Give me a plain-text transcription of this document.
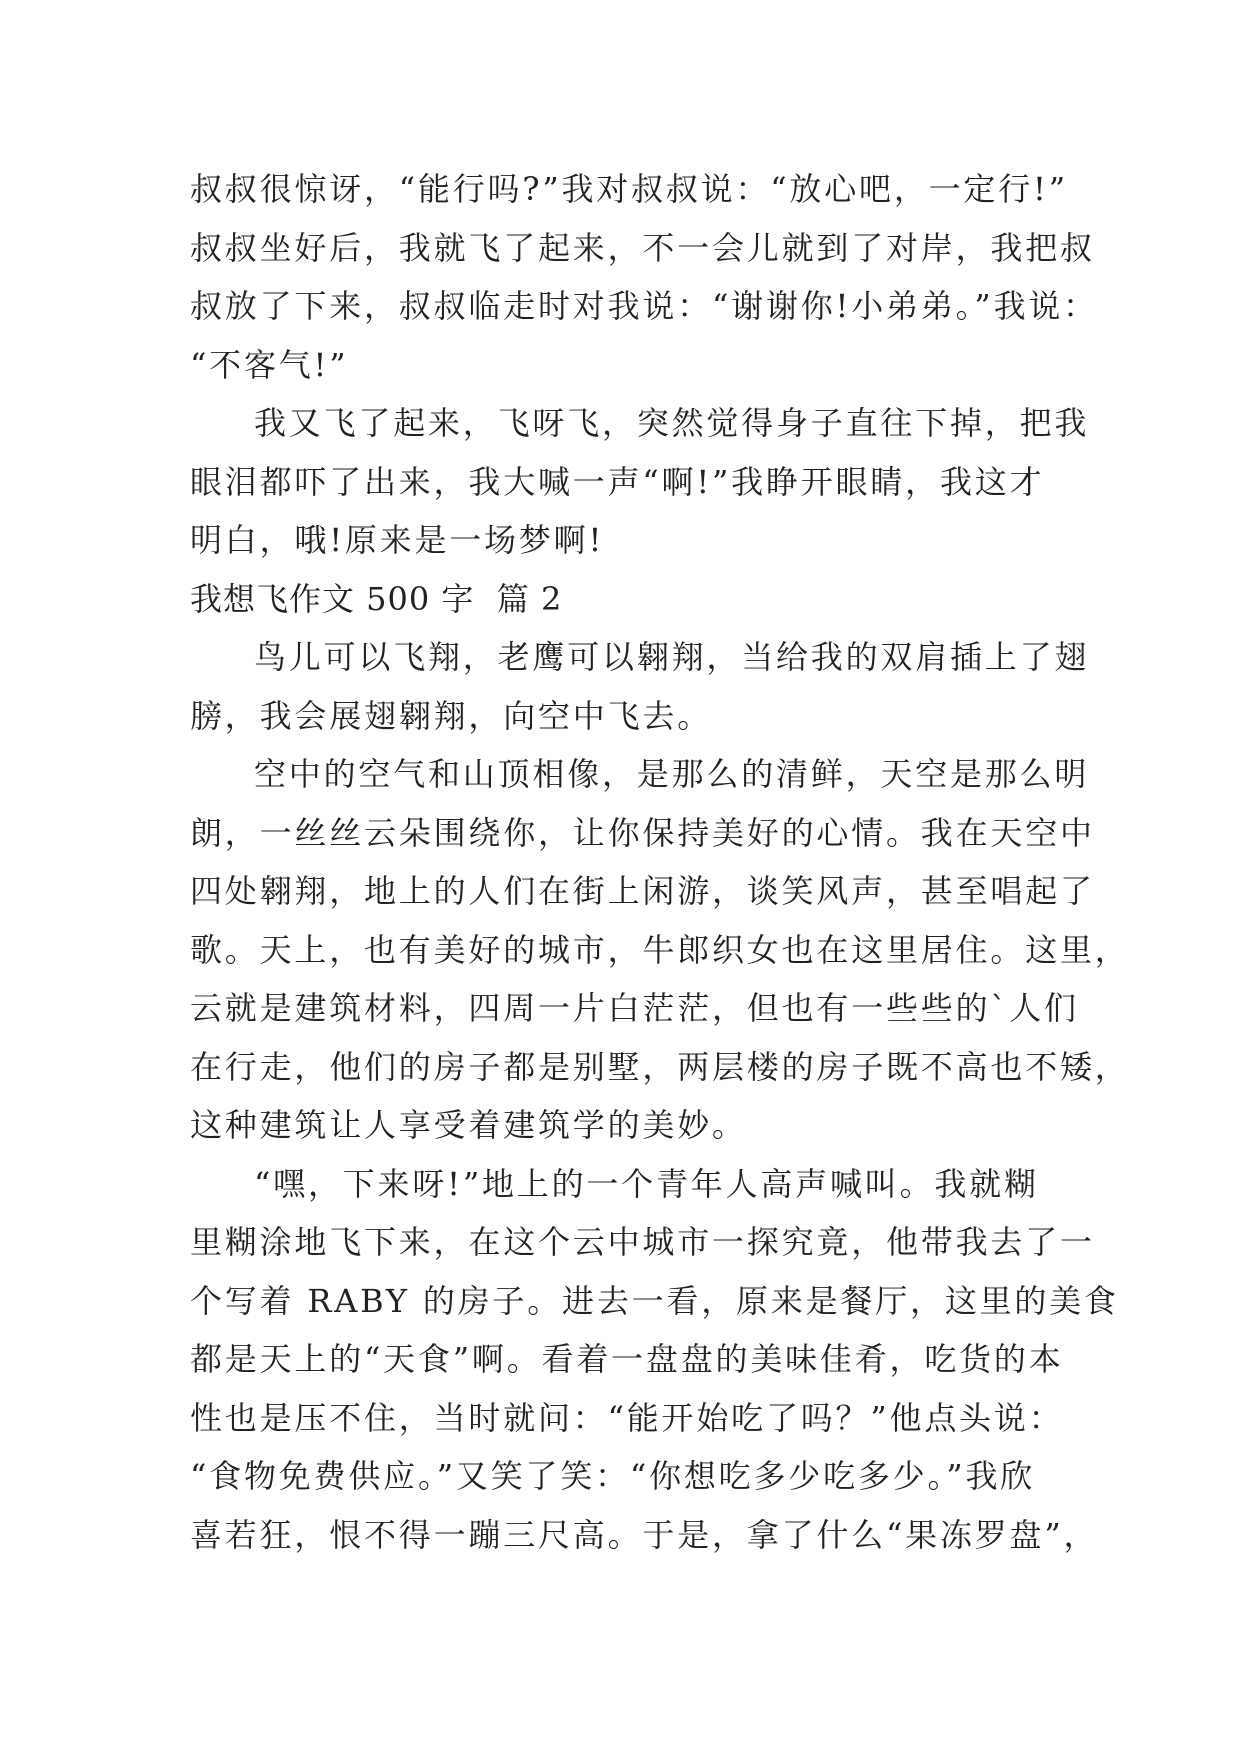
叔叔很惊讶，“能行吗?”我对叔叔说：“放心吧，一定行!”
叔叔坐好后，我就飞了起来，不一会儿就到了对岸，我把叔
叔放了下来，叔叔临走时对我说：“谢谢你!小弟弟。”我说：
“不客气!”
我又飞了起来，飞呀飞，突然觉得身子直往下掉，把我
眼泪都吓了出来，我大喊一声“啊!”我睁开眼睛，我这才
明白，哦!原来是一场梦啊!
我想飞作文 500 字  篇 2
鸟儿可以飞翔，老鹰可以翱翔，当给我的双肩插上了翅
膀，我会展翅翱翔，向空中飞去。
空中的空气和山顶相像，是那么的清鲜，天空是那么明
朗，一丝丝云朵围绕你，让你保持美好的心情。我在天空中
四处翱翔，地上的人们在街上闲游，谈笑风声，甚至唱起了
歌。天上，也有美好的城市，牛郎织女也在这里居住。这里，
云就是建筑材料，四周一片白茫茫，但也有一些些的`人们
在行走，他们的房子都是别墅，两层楼的房子既不高也不矮，
这种建筑让人享受着建筑学的美妙。
“嘿，下来呀!”地上的一个青年人高声喊叫。我就糊
里糊涂地飞下来，在这个云中城市一探究竟，他带我去了一
个写着 RABY 的房子。进去一看，原来是餐厅，这里的美食
都是天上的“天食”啊。看着一盘盘的美味佳肴，吃货的本
性也是压不住，当时就问：“能开始吃了吗？”他点头说：
“食物免费供应。”又笑了笑：“你想吃多少吃多少。”我欣
喜若狂，恨不得一蹦三尺高。于是，拿了什么“果冻罗盘”，
